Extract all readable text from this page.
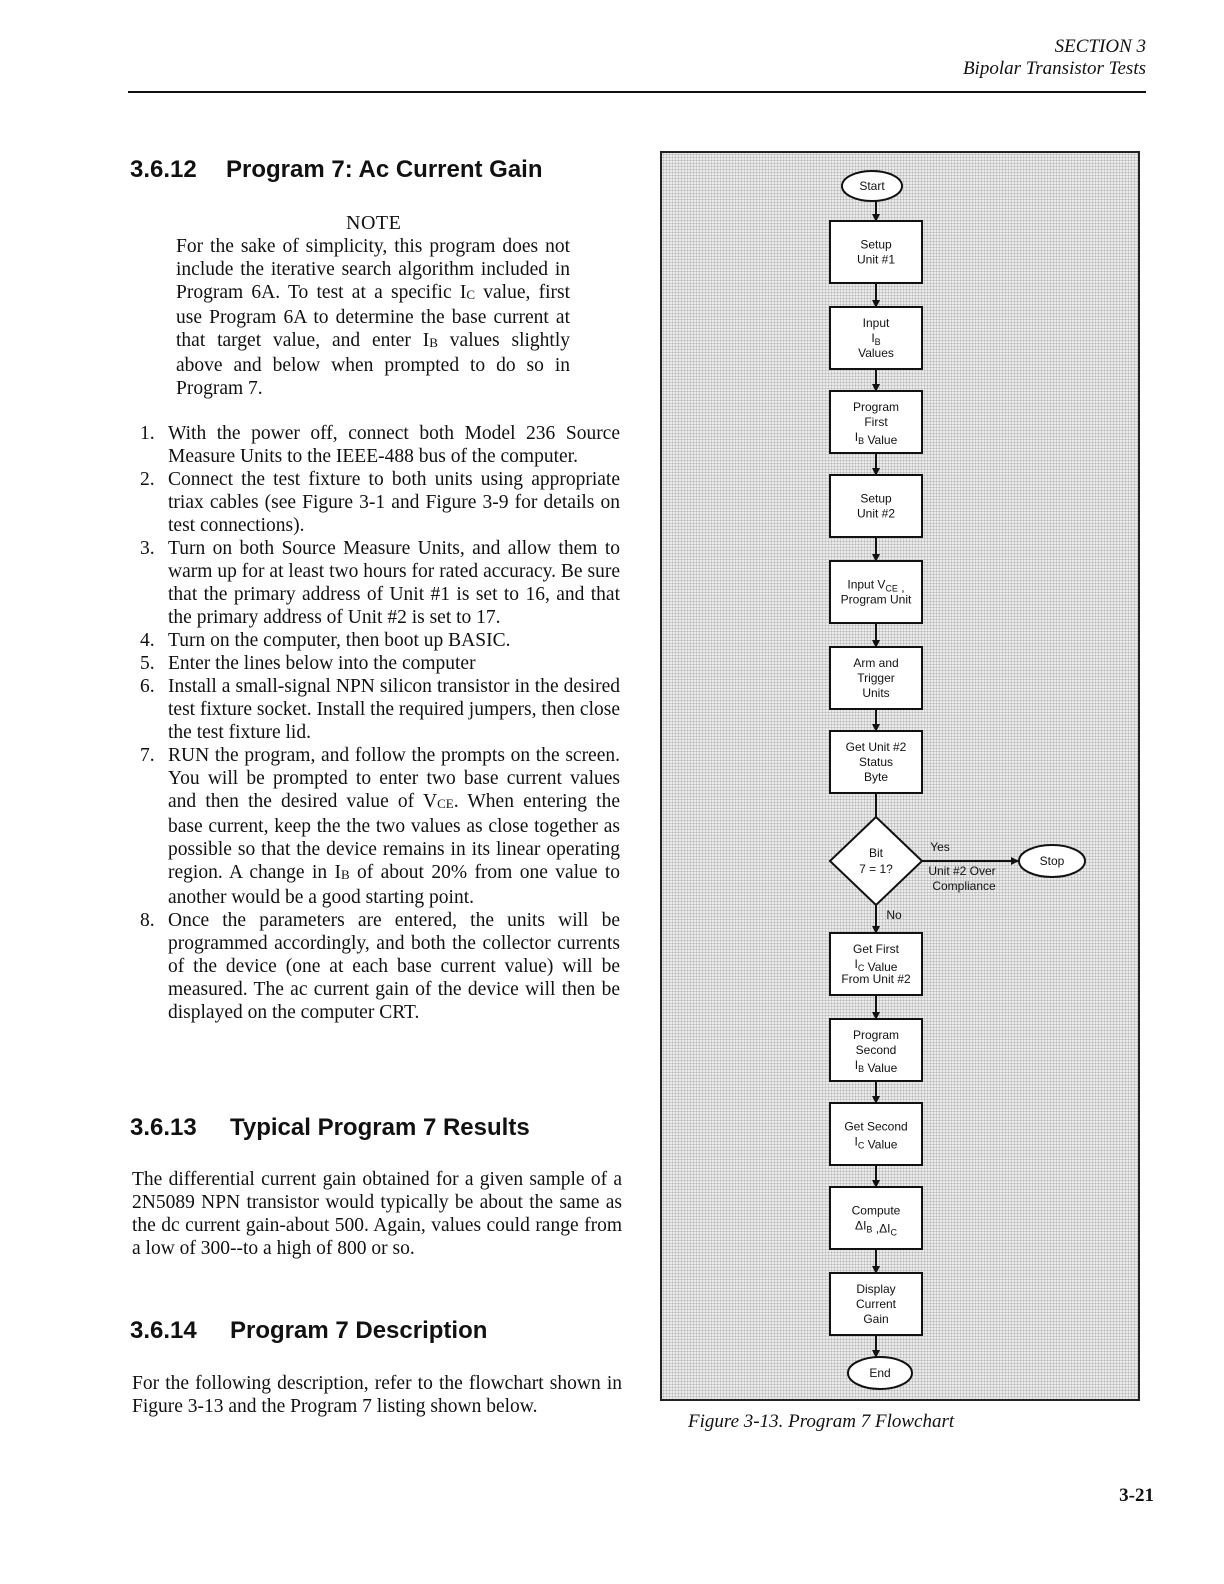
SECTION 3
Bipolar Transistor Tests
3.6.12 Program 7: Ac Current Gain
NOTE
For the sake of simplicity, this program does not include the iterative search algorithm included in Program 6A. To test at a specific IC value, first use Program 6A to determine the base current at that target value, and enter IB values slightly above and below when prompted to do so in Program 7.
1. With the power off, connect both Model 236 Source Measure Units to the IEEE-488 bus of the computer.
2. Connect the test fixture to both units using appropriate triax cables (see Figure 3-1 and Figure 3-9 for details on test connections).
3. Turn on both Source Measure Units, and allow them to warm up for at least two hours for rated accuracy. Be sure that the primary address of Unit #1 is set to 16, and that the primary address of Unit #2 is set to 17.
4. Turn on the computer, then boot up BASIC.
5. Enter the lines below into the computer
6. Install a small-signal NPN silicon transistor in the desired test fixture socket. Install the required jumpers, then close the test fixture lid.
7. RUN the program, and follow the prompts on the screen. You will be prompted to enter two base current values and then the desired value of VCE. When entering the base current, keep the the two values as close together as possible so that the device remains in its linear operating region. A change in IB of about 20% from one value to another would be a good starting point.
8. Once the parameters are entered, the units will be programmed accordingly, and both the collector currents of the device (one at each base current value) will be measured. The ac current gain of the device will then be displayed on the computer CRT.
3.6.13 Typical Program 7 Results
The differential current gain obtained for a given sample of a 2N5089 NPN transistor would typically be about the same as the dc current gain-about 500. Again, values could range from a low of 300--to a high of 800 or so.
3.6.14 Program 7 Description
For the following description, refer to the flowchart shown in Figure 3-13 and the Program 7 listing shown below.
Start
Setup
Unit #1
Input
$I_B$
Values
Program
First
$I_B$ Value
Setup
Unit #2
Input $V_{CE}$ ,
Program Unit
Arm and
Trigger
Units
Get Unit #2
Status
Byte
Get First
$I_C$ Value
From Unit #2
Program
Second
$I_B$ Value
Get Second
$I_C$ Value
Compute
$\Delta I_B$ $,\Delta I_C$
Display
Current
Gain
Bit
7 = 1?
No
Yes
Unit #2 Over
Compliance
Stop
End
Figure 3-13. Program 7 Flowchart
3-21
